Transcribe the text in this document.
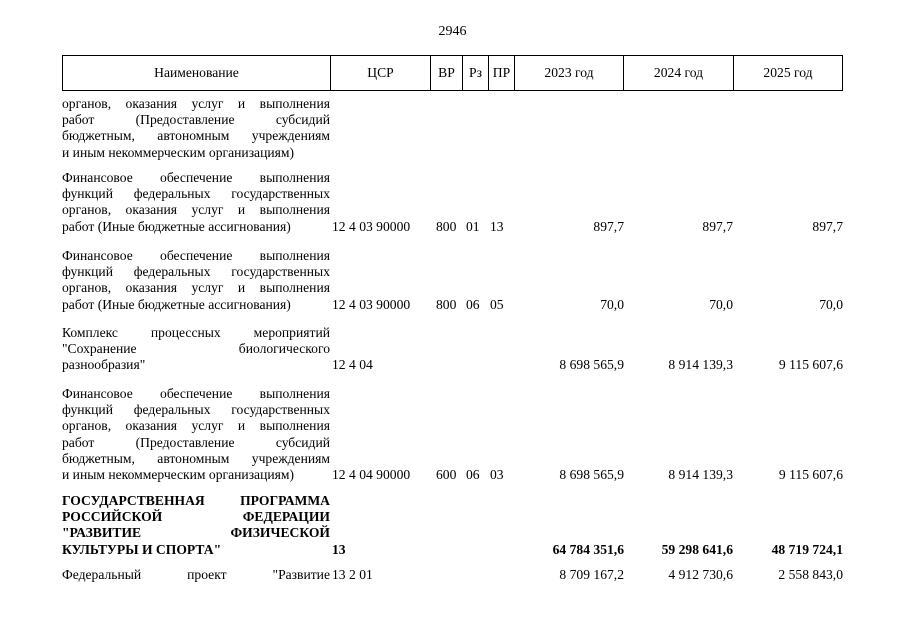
2946
Наименование	ЦСР	ВР	Рз ПР	2023 год	2024 год	2025 год
органов, оказания услуг и выполнения
работ (Предоставление субсидий
бюджетным, автономным учреждениям
и иным некоммерческим организациям)
Финансовое обеспечение выполнения
функций федеральных государственных
органов, оказания услуг и выполнения
работ (Иные бюджетные ассигнования)	12 4 03 90000 800 01 13	897,7	897,7	897,7
Финансовое обеспечение выполнения
функций федеральных государственных
органов, оказания услуг и выполнения
работ (Иные бюджетные ассигнования)	12 4 03 90000 800 06 05	70,0	70,0	70,0
Комплекс процессных мероприятий
"Сохранение биологического
разнообразия"	12 4 04	8 698 565,9	8 914 139,3	9 115 607,6
Финансовое обеспечение выполнения
функций федеральных государственных
органов, оказания услуг и выполнения
работ (Предоставление субсидий
бюджетным, автономным учреждениям
и иным некоммерческим организациям)	12 4 04 90000 600 06 03	8 698 565,9	8 914 139,3	9 115 607,6
ГОСУДАРСТВЕННАЯ ПРОГРАММА
РОССИЙСКОЙ ФЕДЕРАЦИИ
"РАЗВИТИЕ ФИЗИЧЕСКОЙ
КУЛЬТУРЫ И СПОРТА"	13	64 784 351,6	59 298 641,6	48 719 724,1
Федеральный проект "Развитие 13 2 01	8 709 167,2	4 912 730,6	2 558 843,0
